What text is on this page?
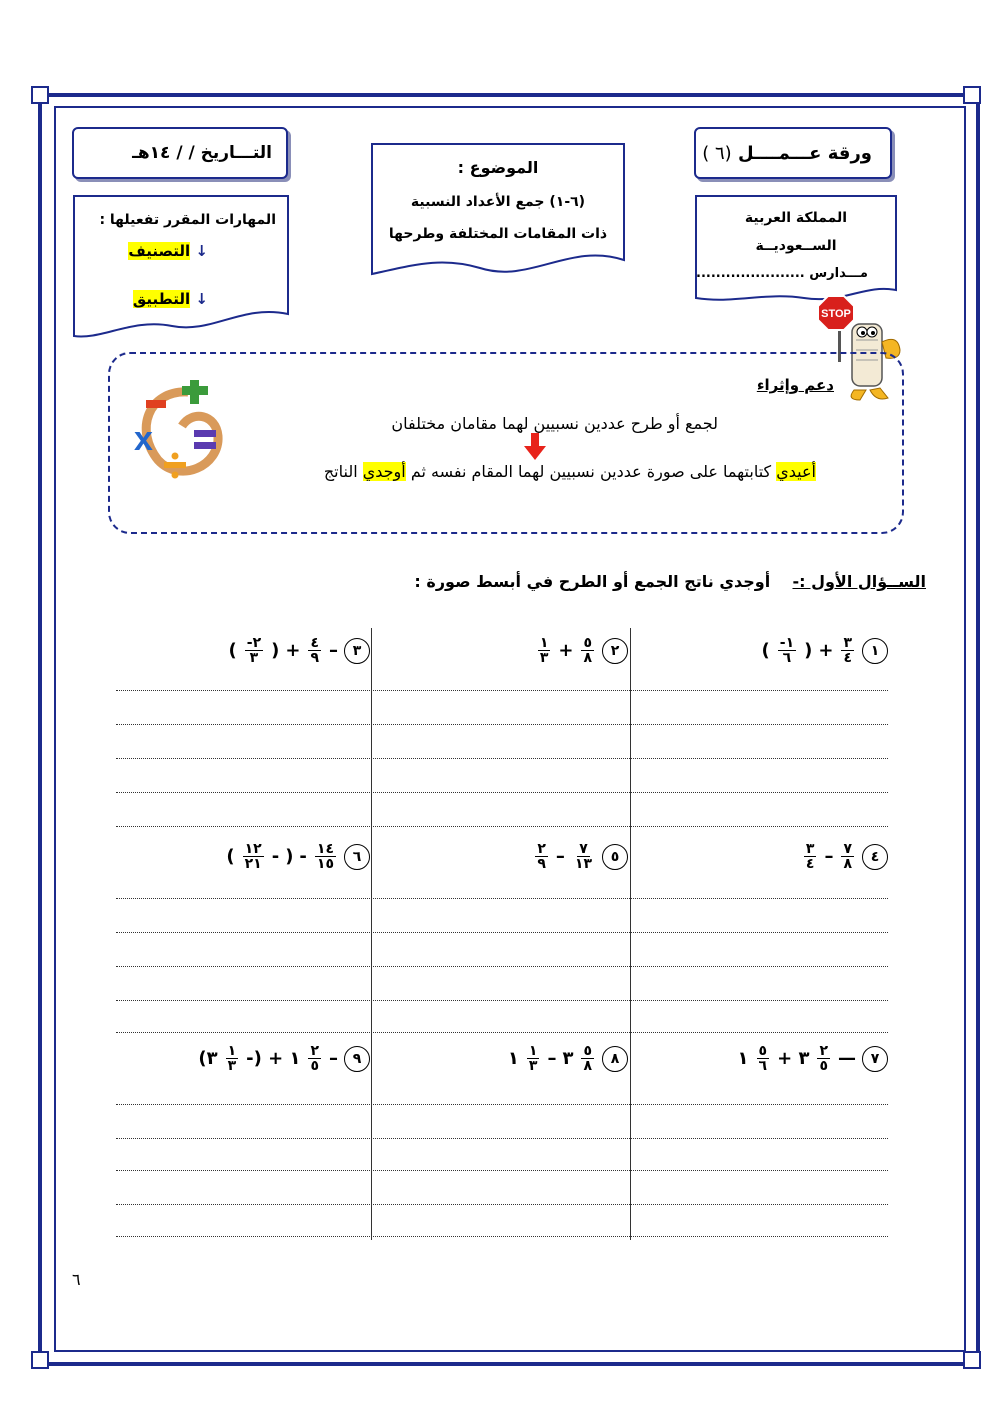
ورقة عـــمــــل (٦ )
التـــاريخ / / ١٤هـ
الموضوع :
(٦-١) جمع الأعداد النسبية
ذات المقامات المختلفة وطرحها
المملكة العربية
الســعوديــة
مـــدارس ......................
المهارات المقرر تفعيلها :
↓ التصنيف
↓ التطبيق
STOP
دعم وإثراء
لجمع أو طرح عددين نسبيين لهما مقامان مختلفان
أعيدي كتابتهما على صورة عددين نسبيين لهما المقام نفسه ثم أوجدي الناتج
x
الســؤال الأول :-    أوجدي ناتج الجمع أو الطرح في أبسط صورة :
١
$\frac{٣}{٤}$
+
(
$\frac{١-}{٦}$
)
٢
$\frac{٥}{٨}$
+
$\frac{١}{٣}$
٣
–
$\frac{٤}{٩}$
+
(
$\frac{٢-}{٣}$
)
٤
$\frac{٧}{٨}$
–
$\frac{٣}{٤}$
٥
$\frac{٧}{١٣}$
–
$\frac{٢}{٩}$
٦
$\frac{١٤}{١٥}$
-
(
-
$\frac{١٢}{٢١}$
)
٧
—
$\frac{٢}{٥}$
٣ +
$\frac{٥}{٦}$
١
٨
$\frac{٥}{٨}$
٣
–
$\frac{١}{٣}$
١
٩
–
$\frac{٢}{٥}$
١ + (-
$\frac{١}{٣}$
٣)
٦
